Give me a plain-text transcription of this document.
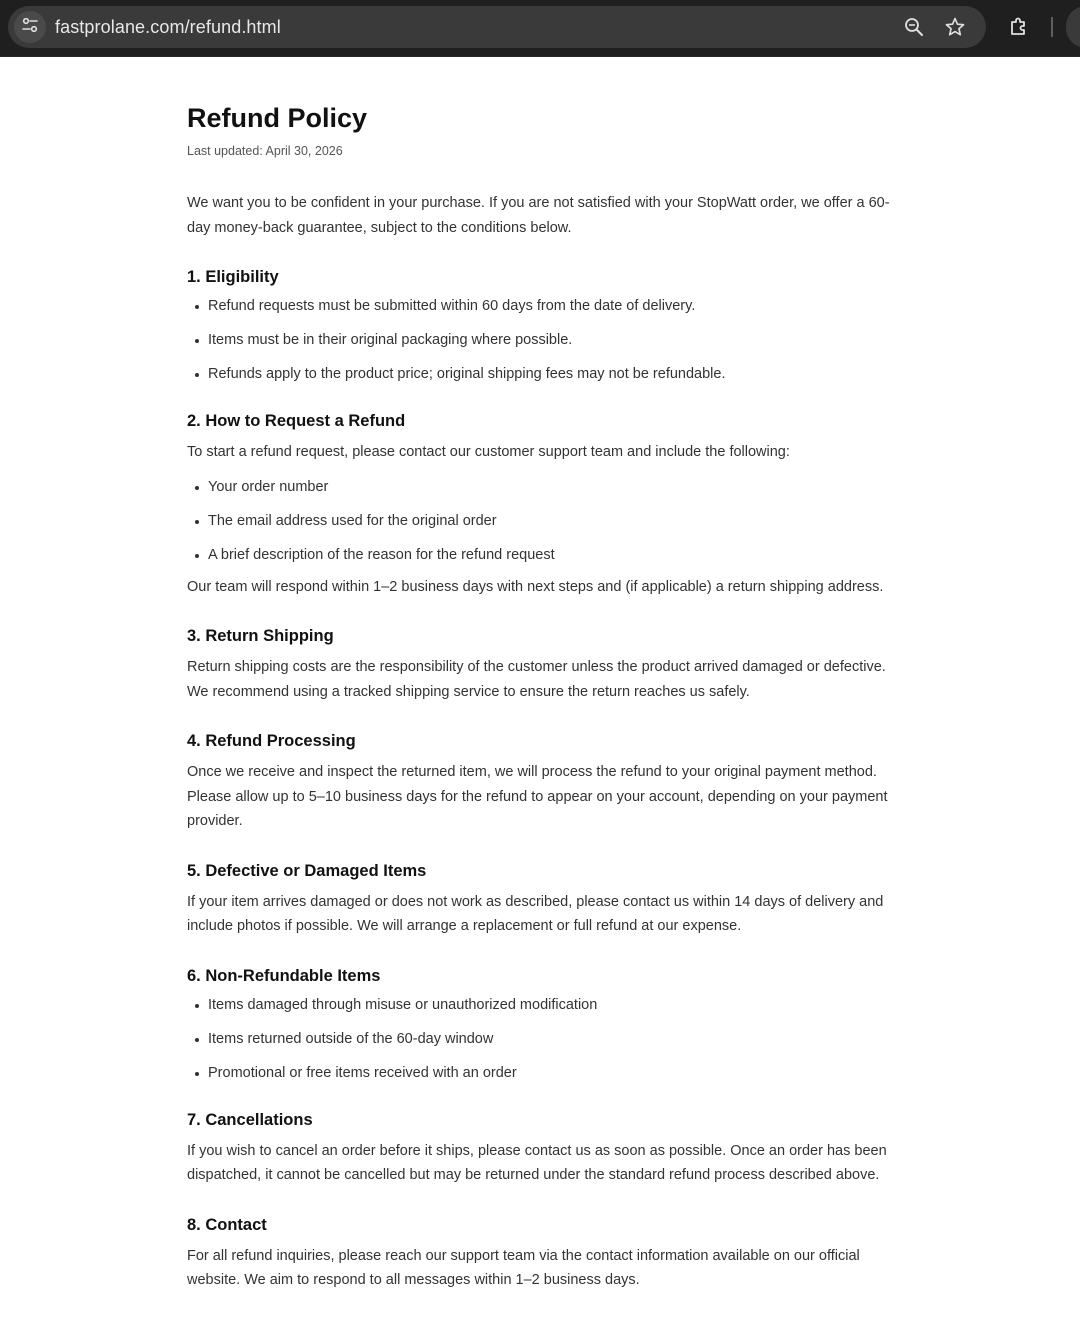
fastprolane.com/refund.html
Refund Policy
Last updated: April 30, 2026

We want you to be confident in your purchase. If you are not satisfied with your StopWatt order, we offer a 60-day money-back guarantee, subject to the conditions below.

1. Eligibility
Refund requests must be submitted within 60 days from the date of delivery.
Items must be in their original packaging where possible.
Refunds apply to the product price; original shipping fees may not be refundable.
2. How to Request a Refund

To start a refund request, please contact our customer support team and include the following:

Your order number
The email address used for the original order
A brief description of the reason for the refund request

Our team will respond within 1–2 business days with next steps and (if applicable) a return shipping address.

3. Return Shipping

Return shipping costs are the responsibility of the customer unless the product arrived damaged or defective. We recommend using a tracked shipping service to ensure the return reaches us safely.

4. Refund Processing

Once we receive and inspect the returned item, we will process the refund to your original payment method. Please allow up to 5–10 business days for the refund to appear on your account, depending on your payment provider.

5. Defective or Damaged Items

If your item arrives damaged or does not work as described, please contact us within 14 days of delivery and include photos if possible. We will arrange a replacement or full refund at our expense.

6. Non-Refundable Items
Items damaged through misuse or unauthorized modification
Items returned outside of the 60-day window
Promotional or free items received with an order
7. Cancellations

If you wish to cancel an order before it ships, please contact us as soon as possible. Once an order has been dispatched, it cannot be cancelled but may be returned under the standard refund process described above.

8. Contact

For all refund inquiries, please reach our support team via the contact information available on our official website. We aim to respond to all messages within 1–2 business days.
